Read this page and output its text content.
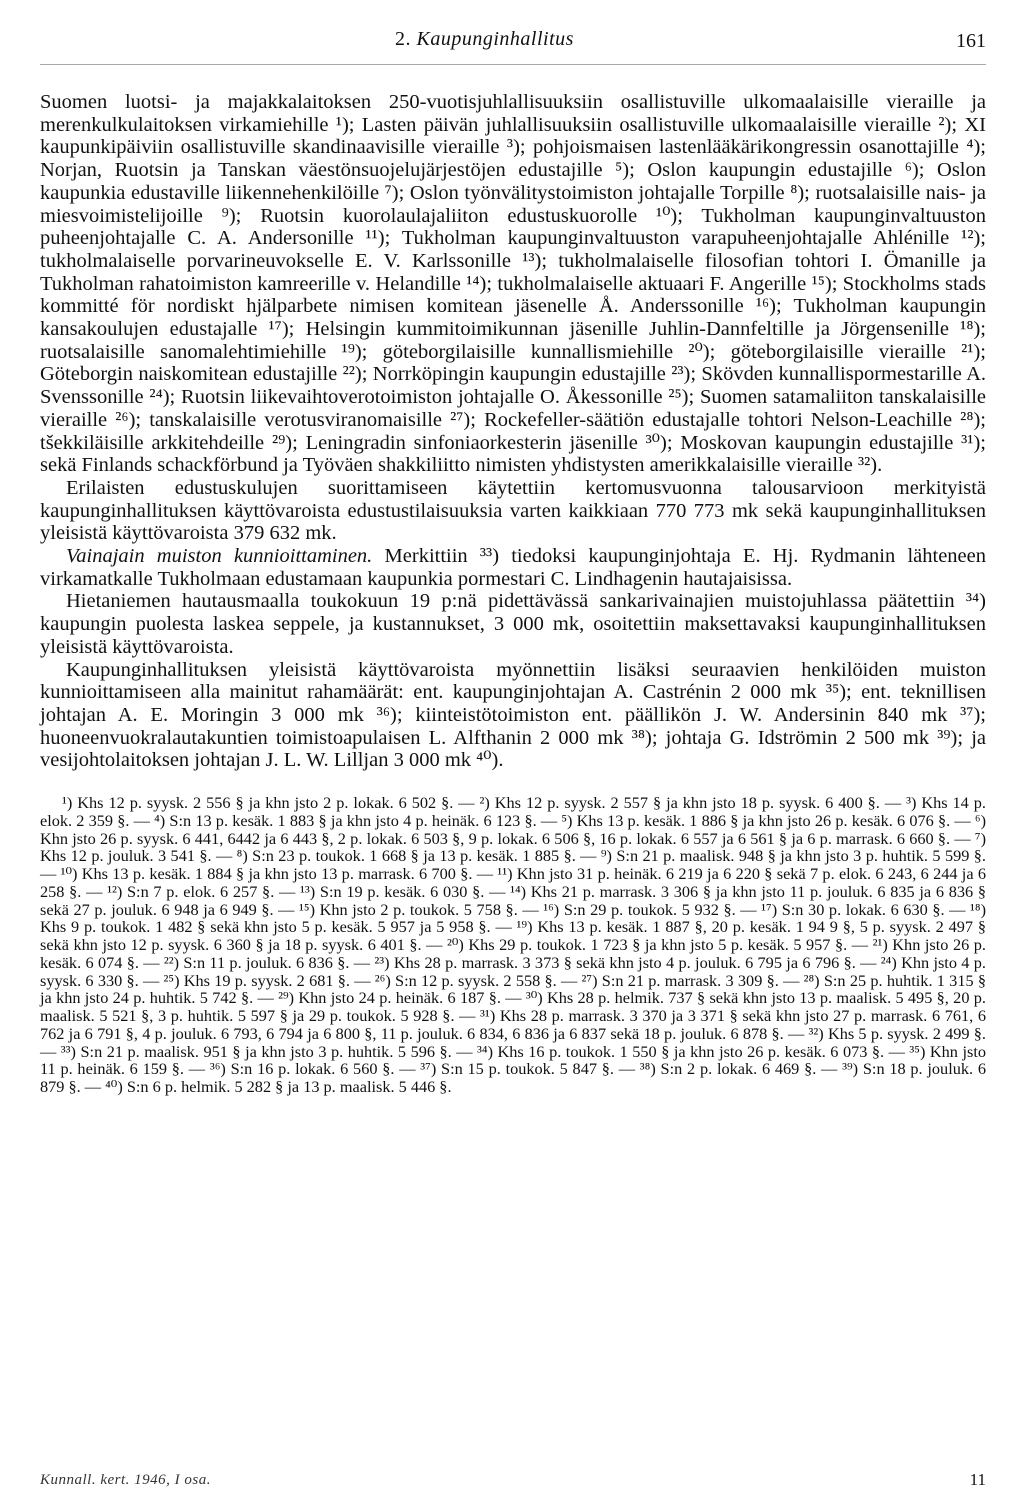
2. Kaupunginhallitus	161

Suomen luotsi- ja majakkalaitoksen 250-vuotisjuhlallisuuksiin osallistuville ulkomaalaisille vieraille ja merenkulkulaitoksen virkamiehille ¹); Lasten päivän juhlallisuuksiin osallistuville ulkomaalaisille vieraille ²); XI kaupunkipäiviin osallistuville skandinaavisille vieraille ³); pohjoismaisen lastenlääkärikongressin osanottajille ⁴); Norjan, Ruotsin ja Tanskan väestönsuojelujärjestöjen edustajille ⁵); Oslon kaupungin edustajille ⁶); Oslon kaupunkia edustaville liikennehenkilöille ⁷); Oslon työnvälitystoimiston johtajalle Torpille ⁸); ruotsalaisille nais- ja miesvoimistelijoille ⁹); Ruotsin kuorolaulajaliiton edustuskuorolle ¹⁰); Tukholman kaupunginvaltuuston puheenjohtajalle C. A. Andersonille ¹¹); Tukholman kaupunginvaltuuston varapuheenjohtajalle Ahlénille ¹²); tukholmalaiselle porvarineuvokselle E. V. Karlssonille ¹³); tukholmalaiselle filosofian tohtori I. Ömanille ja Tukholman rahatoimiston kamreerille v. Helandille ¹⁴); tukholmalaiselle aktuaari F. Angerille ¹⁵); Stockholms stads kommitté för nordiskt hjälparbete nimisen komitean jäsenelle Å. Anderssonille ¹⁶); Tukholman kaupungin kansakoulujen edustajalle ¹⁷); Helsingin kummitoimikunnan jäsenille Juhlin-Dannfeltille ja Jörgensenille ¹⁸); ruotsalaisille sanomalehtimiehille ¹⁹); göteborgilaisille kunnallismiehille ²⁰); göteborgilaisille vieraille ²¹); Göteborgin naiskomitean edustajille ²²); Norrköpingin kaupungin edustajille ²³); Skövden kunnallispormestarille A. Svenssonille ²⁴); Ruotsin liikevaihtoverotoimiston johtajalle O. Åkessonille ²⁵); Suomen satamaliiton tanskalaisille vieraille ²⁶); tanskalaisille verotusviranomaisille ²⁷); Rockefeller-säätiön edustajalle tohtori Nelson-Leachille ²⁸); tšekkiläisille arkkitehdeille ²⁹); Leningradin sinfoniaorkesterin jäsenille ³⁰); Moskovan kaupungin edustajille ³¹); sekä Finlands schackförbund ja Työväen shakkiliitto nimisten yhdistysten amerikkalaisille vieraille ³²).

Erilaisten edustuskulujen suorittamiseen käytettiin kertomusvuonna talousarvioon merkityistä kaupunginhallituksen käyttövaroista edustustilaisuuksia varten kaikkiaan 770 773 mk sekä kaupunginhallituksen yleisistä käyttövaroista 379 632 mk.

Vainajain muiston kunnioittaminen. Merkittiin ³³) tiedoksi kaupunginjohtaja E. Hj. Rydmanin lähteneen virkamatkalle Tukholmaan edustamaan kaupunkia pormestari C. Lindhagenin hautajaisissa.

Hietaniemen hautausmaalla toukokuun 19 p:nä pidettävässä sankarivainajien muistojuhlassa päätettiin ³⁴) kaupungin puolesta laskea seppele, ja kustannukset, 3 000 mk, osoitettiin maksettavaksi kaupunginhallituksen yleisistä käyttövaroista.

Kaupunginhallituksen yleisistä käyttövaroista myönnettiin lisäksi seuraavien henkilöiden muiston kunnioittamiseen alla mainitut rahamäärät: ent. kaupunginjohtajan A. Castrénin 2 000 mk ³⁵); ent. teknillisen johtajan A. E. Moringin 3 000 mk ³⁶); kiinteistötoimiston ent. päällikön J. W. Andersinin 840 mk ³⁷); huoneenvuokralautakuntien toimistoapulaisen L. Alfthanin 2 000 mk ³⁸); johtaja G. Idströmin 2 500 mk ³⁹); ja vesijohtolaitoksen johtajan J. L. W. Lilljan 3 000 mk ⁴⁰).

¹) Khs 12 p. syysk. 2 556 § ja khn jsto 2 p. lokak. 6 502 §. — ²) Khs 12 p. syysk. 2 557 § ja khn jsto 18 p. syysk. 6 400 §. — ³) Khs 14 p. elok. 2 359 §. — ⁴) S:n 13 p. kesäk. 1 883 § ja khn jsto 4 p. heinäk. 6 123 §. — ⁵) Khs 13 p. kesäk. 1 886 § ja khn jsto 26 p. kesäk. 6 076 §. — ⁶) Khn jsto 26 p. syysk. 6 441, 6442 ja 6 443 §, 2 p. lokak. 6 503 §, 9 p. lokak. 6 506 §, 16 p. lokak. 6 557 ja 6 561 § ja 6 p. marrask. 6 660 §. — ⁷) Khs 12 p. jouluk. 3 541 §. — ⁸) S:n 23 p. toukok. 1 668 § ja 13 p. kesäk. 1 885 §. — ⁹) S:n 21 p. maalisk. 948 § ja khn jsto 3 p. huhtik. 5 599 §. — ¹⁰) Khs 13 p. kesäk. 1 884 § ja khn jsto 13 p. marrask. 6 700 §. — ¹¹) Khn jsto 31 p. heinäk. 6 219 ja 6 220 § sekä 7 p. elok. 6 243, 6 244 ja 6 258 §. — ¹²) S:n 7 p. elok. 6 257 §. — ¹³) S:n 19 p. kesäk. 6 030 §. — ¹⁴) Khs 21 p. marrask. 3 306 § ja khn jsto 11 p. jouluk. 6 835 ja 6 836 § sekä 27 p. jouluk. 6 948 ja 6 949 §. — ¹⁵) Khn jsto 2 p. toukok. 5 758 §. — ¹⁶) S:n 29 p. toukok. 5 932 §. — ¹⁷) S:n 30 p. lokak. 6 630 §. — ¹⁸) Khs 9 p. toukok. 1 482 § sekä khn jsto 5 p. kesäk. 5 957 ja 5 958 §. — ¹⁹) Khs 13 p. kesäk. 1 887 §, 20 p. kesäk. 1 94 9 §, 5 p. syysk. 2 497 § sekä khn jsto 12 p. syysk. 6 360 § ja 18 p. syysk. 6 401 §. — ²⁰) Khs 29 p. toukok. 1 723 § ja khn jsto 5 p. kesäk. 5 957 §. — ²¹) Khn jsto 26 p. kesäk. 6 074 §. — ²²) S:n 11 p. jouluk. 6 836 §. — ²³) Khs 28 p. marrask. 3 373 § sekä khn jsto 4 p. jouluk. 6 795 ja 6 796 §. — ²⁴) Khn jsto 4 p. syysk. 6 330 §. — ²⁵) Khs 19 p. syysk. 2 681 §. — ²⁶) S:n 12 p. syysk. 2 558 §. — ²⁷) S:n 21 p. marrask. 3 309 §. — ²⁸) S:n 25 p. huhtik. 1 315 § ja khn jsto 24 p. huhtik. 5 742 §. — ²⁹) Khn jsto 24 p. heinäk. 6 187 §. — ³⁰) Khs 28 p. helmik. 737 § sekä khn jsto 13 p. maalisk. 5 495 §, 20 p. maalisk. 5 521 §, 3 p. huhtik. 5 597 § ja 29 p. toukok. 5 928 §. — ³¹) Khs 28 p. marrask. 3 370 ja 3 371 § sekä khn jsto 27 p. marrask. 6 761, 6 762 ja 6 791 §, 4 p. jouluk. 6 793, 6 794 ja 6 800 §, 11 p. jouluk. 6 834, 6 836 ja 6 837 sekä 18 p. jouluk. 6 878 §. — ³²) Khs 5 p. syysk. 2 499 §. — ³³) S:n 21 p. maalisk. 951 § ja khn jsto 3 p. huhtik. 5 596 §. — ³⁴) Khs 16 p. toukok. 1 550 § ja khn jsto 26 p. kesäk. 6 073 §. — ³⁵) Khn jsto 11 p. heinäk. 6 159 §. — ³⁶) S:n 16 p. lokak. 6 560 §. — ³⁷) S:n 15 p. toukok. 5 847 §. — ³⁸) S:n 2 p. lokak. 6 469 §. — ³⁹) S:n 18 p. jouluk. 6 879 §. — ⁴⁰) S:n 6 p. helmik. 5 282 § ja 13 p. maalisk. 5 446 §.
Kunnall. kert. 1946, I osa.	11
